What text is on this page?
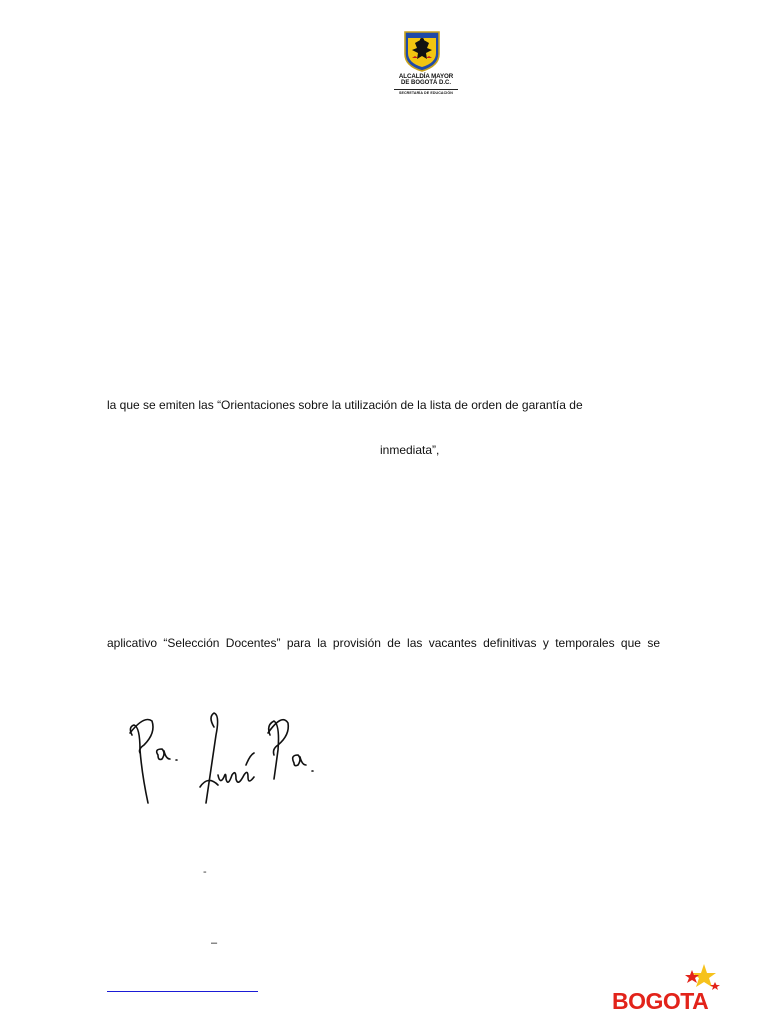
ALCALDÍA MAYOR
DE BOGOTÁ D.C.
SECRETARÍA DE EDUCACIÓN
la que se emiten las “Orientaciones sobre la utilización de la lista de orden de garantía de
inmediata”,
aplicativo “Selección Docentes” para la provisión de las vacantes definitivas y temporales que se
-
–
BOGOTA
